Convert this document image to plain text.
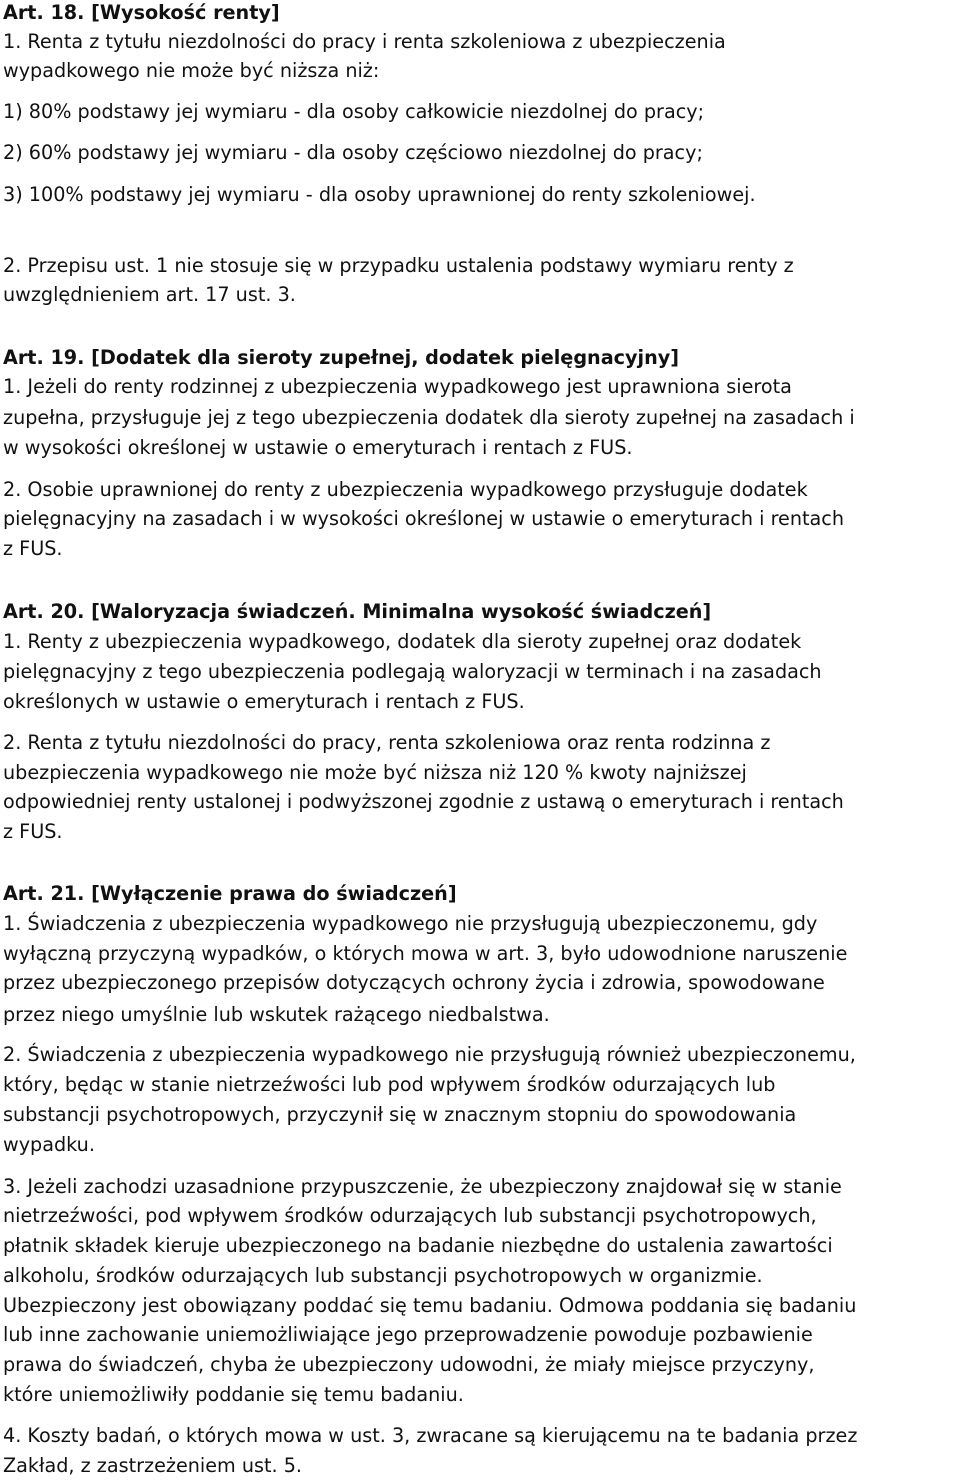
Art. 18. [Wysokość renty]
1. Renta z tytułu niezdolności do pracy i renta szkoleniowa z ubezpieczenia
wypadkowego nie może być niższa niż:
1) 80% podstawy jej wymiaru - dla osoby całkowicie niezdolnej do pracy;
2) 60% podstawy jej wymiaru - dla osoby częściowo niezdolnej do pracy;
3) 100% podstawy jej wymiaru - dla osoby uprawnionej do renty szkoleniowej.
2. Przepisu ust. 1 nie stosuje się w przypadku ustalenia podstawy wymiaru renty z
uwzględnieniem art. 17 ust. 3.
Art. 19. [Dodatek dla sieroty zupełnej, dodatek pielęgnacyjny]
1. Jeżeli do renty rodzinnej z ubezpieczenia wypadkowego jest uprawniona sierota
zupełna, przysługuje jej z tego ubezpieczenia dodatek dla sieroty zupełnej na zasadach i
w wysokości określonej w ustawie o emeryturach i rentach z FUS.
2. Osobie uprawnionej do renty z ubezpieczenia wypadkowego przysługuje dodatek
pielęgnacyjny na zasadach i w wysokości określonej w ustawie o emeryturach i rentach
z FUS.
Art. 20. [Waloryzacja świadczeń. Minimalna wysokość świadczeń]
1. Renty z ubezpieczenia wypadkowego, dodatek dla sieroty zupełnej oraz dodatek
pielęgnacyjny z tego ubezpieczenia podlegają waloryzacji w terminach i na zasadach
określonych w ustawie o emeryturach i rentach z FUS.
2. Renta z tytułu niezdolności do pracy, renta szkoleniowa oraz renta rodzinna z
ubezpieczenia wypadkowego nie może być niższa niż 120 % kwoty najniższej
odpowiedniej renty ustalonej i podwyższonej zgodnie z ustawą o emeryturach i rentach
z FUS.
Art. 21. [Wyłączenie prawa do świadczeń]
1. Świadczenia z ubezpieczenia wypadkowego nie przysługują ubezpieczonemu, gdy
wyłączną przyczyną wypadków, o których mowa w art. 3, było udowodnione naruszenie
przez ubezpieczonego przepisów dotyczących ochrony życia i zdrowia, spowodowane
przez niego umyślnie lub wskutek rażącego niedbalstwa.
2. Świadczenia z ubezpieczenia wypadkowego nie przysługują również ubezpieczonemu,
który, będąc w stanie nietrzeźwości lub pod wpływem środków odurzających lub
substancji psychotropowych, przyczynił się w znacznym stopniu do spowodowania
wypadku.
3. Jeżeli zachodzi uzasadnione przypuszczenie, że ubezpieczony znajdował się w stanie
nietrzeźwości, pod wpływem środków odurzających lub substancji psychotropowych,
płatnik składek kieruje ubezpieczonego na badanie niezbędne do ustalenia zawartości
alkoholu, środków odurzających lub substancji psychotropowych w organizmie.
Ubezpieczony jest obowiązany poddać się temu badaniu. Odmowa poddania się badaniu
lub inne zachowanie uniemożliwiające jego przeprowadzenie powoduje pozbawienie
prawa do świadczeń, chyba że ubezpieczony udowodni, że miały miejsce przyczyny,
które uniemożliwiły poddanie się temu badaniu.
4. Koszty badań, o których mowa w ust. 3, zwracane są kierującemu na te badania przez
Zakład, z zastrzeżeniem ust. 5.
